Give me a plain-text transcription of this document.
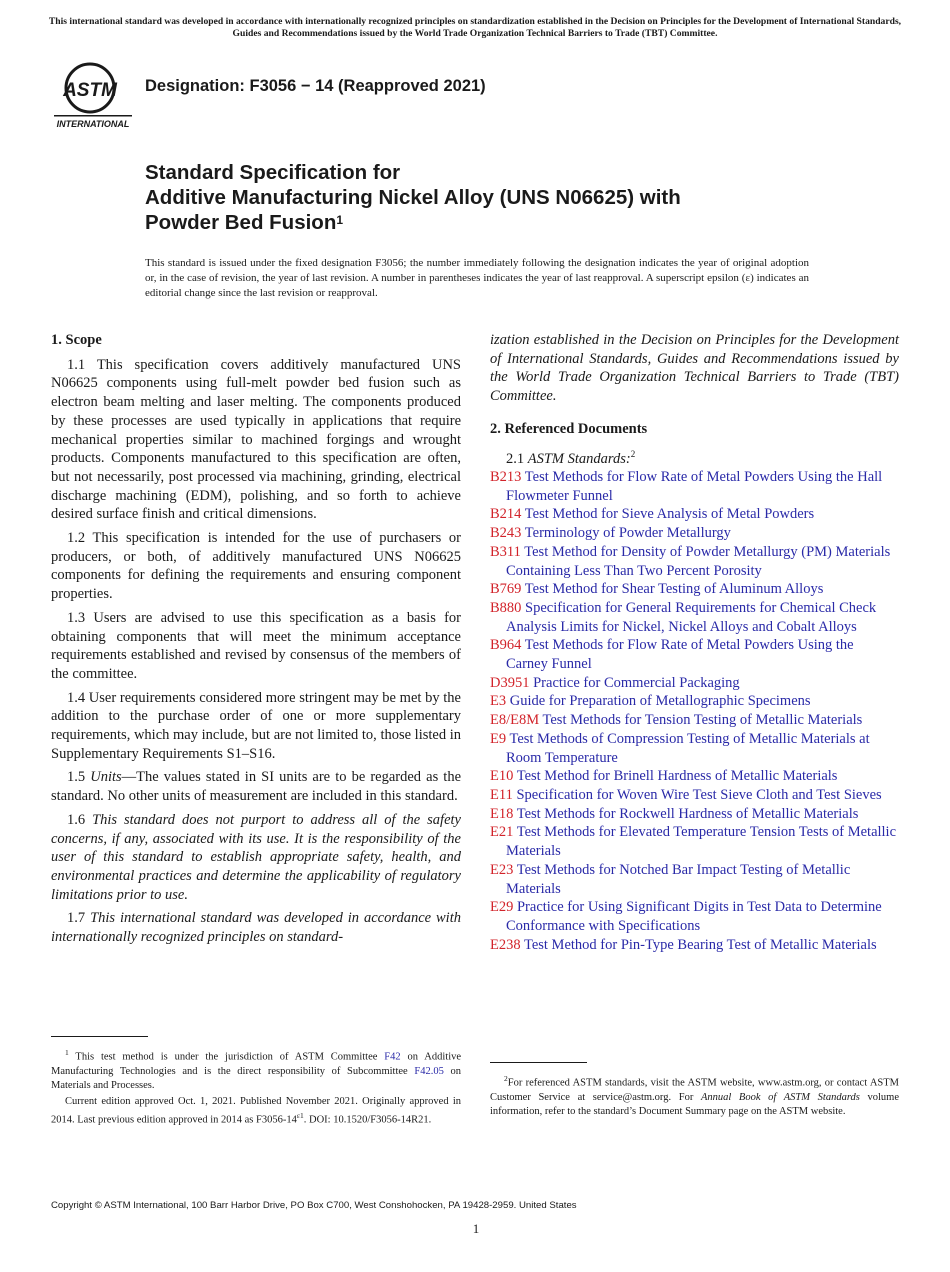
This international standard was developed in accordance with internationally recognized principles on standardization established in the Decision on Principles for the Development of International Standards, Guides and Recommendations issued by the World Trade Organization Technical Barriers to Trade (TBT) Committee.
ASTM
INTERNATIONAL
Designation: F3056 − 14 (Reapproved 2021)
Standard Specification for
Additive Manufacturing Nickel Alloy (UNS N06625) with
Powder Bed Fusion$^1$
This standard is issued under the fixed designation F3056; the number immediately following the designation indicates the year of original adoption or, in the case of revision, the year of last revision. A number in parentheses indicates the year of last reapproval. A superscript epsilon (ε) indicates an editorial change since the last revision or reapproval.
1. Scope

1.1 This specification covers additively manufactured UNS N06625 components using full-melt powder bed fusion such as electron beam melting and laser melting. The components produced by these processes are used typically in applications that require mechanical properties similar to machined forgings and wrought products. Components manufactured to this specification are often, but not necessarily, post processed via machining, grinding, electrical discharge machining (EDM), polishing, and so forth to achieve desired surface finish and critical dimensions.

1.2 This specification is intended for the use of purchasers or producers, or both, of additively manufactured UNS N06625 components for defining the requirements and ensuring component properties.

1.3 Users are advised to use this specification as a basis for obtaining components that will meet the minimum acceptance requirements established and revised by consensus of the members of the committee.

1.4 User requirements considered more stringent may be met by the addition to the purchase order of one or more supplementary requirements, which may include, but are not limited to, those listed in Supplementary Requirements S1–S16.

1.5 Units—The values stated in SI units are to be regarded as the standard. No other units of measurement are included in this standard.

1.6 This standard does not purport to address all of the safety concerns, if any, associated with its use. It is the responsibility of the user of this standard to establish appropriate safety, health, and environmental practices and determine the applicability of regulatory limitations prior to use.

1.7 This international standard was developed in accordance with internationally recognized principles on standard-

ization established in the Decision on Principles for the Development of International Standards, Guides and Recommendations issued by the World Trade Organization Technical Barriers to Trade (TBT) Committee.

2. Referenced Documents
2.1 ASTM Standards:$^2$
B213 Test Methods for Flow Rate of Metal Powders Using the Hall Flowmeter Funnel
B214 Test Method for Sieve Analysis of Metal Powders
B243 Terminology of Powder Metallurgy
B311 Test Method for Density of Powder Metallurgy (PM) Materials Containing Less Than Two Percent Porosity
B769 Test Method for Shear Testing of Aluminum Alloys
B880 Specification for General Requirements for Chemical Check Analysis Limits for Nickel, Nickel Alloys and Cobalt Alloys
B964 Test Methods for Flow Rate of Metal Powders Using the Carney Funnel
D3951 Practice for Commercial Packaging
E3 Guide for Preparation of Metallographic Specimens
E8/E8M Test Methods for Tension Testing of Metallic Materials
E9 Test Methods of Compression Testing of Metallic Materials at Room Temperature
E10 Test Method for Brinell Hardness of Metallic Materials
E11 Specification for Woven Wire Test Sieve Cloth and Test Sieves
E18 Test Methods for Rockwell Hardness of Metallic Materials
E21 Test Methods for Elevated Temperature Tension Tests of Metallic Materials
E23 Test Methods for Notched Bar Impact Testing of Metallic Materials
E29 Practice for Using Significant Digits in Test Data to Determine Conformance with Specifications
E238 Test Method for Pin-Type Bearing Test of Metallic Materials

$^1$ This test method is under the jurisdiction of ASTM Committee F42 on Additive Manufacturing Technologies and is the direct responsibility of Subcommittee F42.05 on Materials and Processes.

Current edition approved Oct. 1, 2021. Published November 2021. Originally approved in 2014. Last previous edition approved in 2014 as $F3056-14^{\varepsilon 1}$. DOI: 10.1520/F3056-14R21.

$^2$For referenced ASTM standards, visit the ASTM website, www.astm.org, or contact ASTM Customer Service at service@astm.org. For Annual Book of ASTM Standards volume information, refer to the standard’s Document Summary page on the ASTM website.

Copyright © ASTM International, 100 Barr Harbor Drive, PO Box C700, West Conshohocken, PA 19428-2959. United States
1
